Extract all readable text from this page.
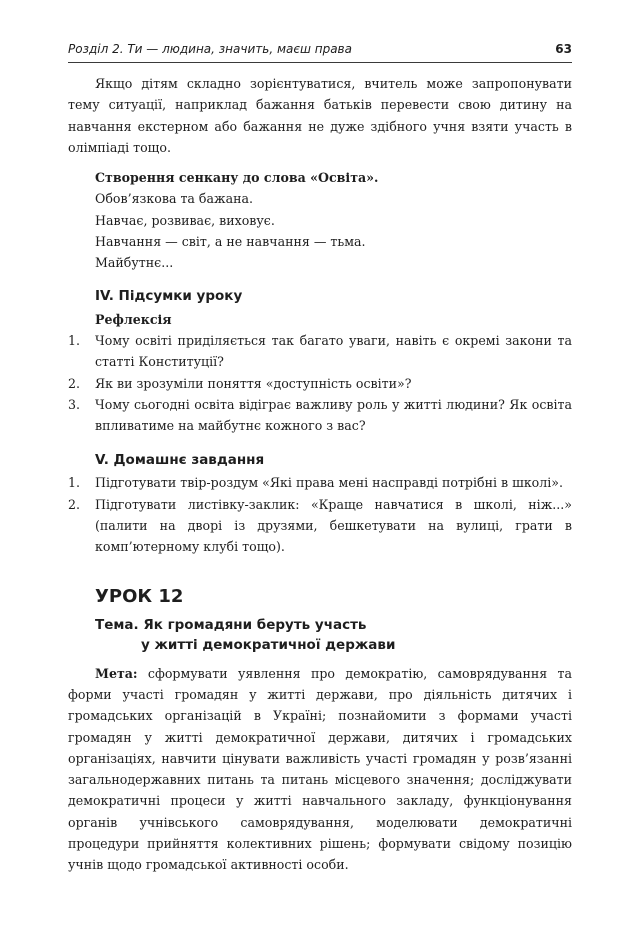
Розділ 2. Ти — людина, значить, маєш права	63

Якщо дітям складно зорієнтуватися, вчитель може запропонувати тему ситуації, наприклад бажання батьків перевести свою дитину на навчання екстерном або бажання не дуже здібного учня взяти участь в олімпіаді тощо.

Створення сенкану до слова «Освіта».

Обов’язкова та бажана.

Навчає, розвиває, виховує.

Навчання — світ, а не навчання — тьма.

Майбутнє...

IV. Підсумки уроку

Рефлексія

1. Чому освіті приділяється так багато уваги, навіть є окремі закони та статті Конституції?
2. Як ви зрозуміли поняття «доступність освіти»?
3. Чому сьогодні освіта відіграє важливу роль у житті людини? Як освіта впливатиме на майбутнє кожного з вас?

V. Домашнє завдання

1. Підготувати твір-роздум «Які права мені насправді потрібні в школі».
2. Підготувати листівку-заклик: «Краще навчатися в школі, ніж...» (палити на дворі із друзями, бешкетувати на вулиці, грати в комп’ютерному клубі тощо).

УРОК 12

Тема. Як громадяни беруть участь
у житті демократичної держави

Мета: сформувати уявлення про демократію, самоврядування та форми участі громадян у житті держави, про діяльність дитячих і громадських організацій в Україні; познайомити з формами участі громадян у житті демократичної держави, дитячих і громадських організаціях, навчити цінувати важливість участі громадян у розв’язанні загальнодержавних питань та питань місцевого значення; досліджувати демократичні процеси у житті навчального закладу, функціонування органів учнівського самоврядування, моделювати демократичні процедури прийняття колективних рішень; формувати свідому позицію учнів щодо громадської активності особи.
